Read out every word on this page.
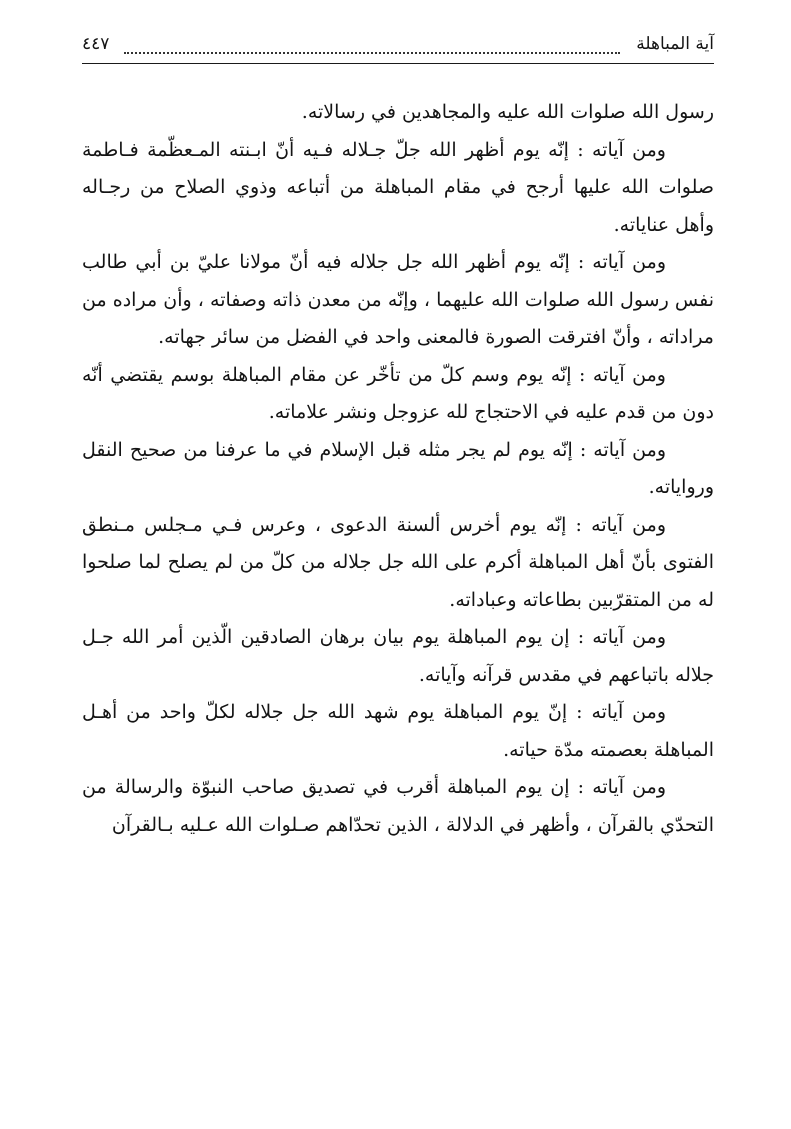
آية المباهلة
٤٤٧

رسول الله صلوات الله عليه والمجاهدين في رسالاته.

ومن آياته : إنّه يوم أظهر الله جلّ جـلاله فـيه أنّ ابـنته المـعظّمة فـاطمة صلوات الله عليها أرجح في مقام المباهلة من أتباعه وذوي الصلاح من رجـاله وأهل عناياته.

ومن آياته : إنّه يوم أظهر الله جل جلاله فيه أنّ مولانا عليّ بن أبي طالب نفس رسول الله صلوات الله عليهما ، وإنّه من معدن ذاته وصفاته ، وأن مراده من مراداته ، وأنّ افترقت الصورة فالمعنى واحد في الفضل من سائر جهاته.

ومن آياته : إنّه يوم وسم كلّ من تأخّر عن مقام المباهلة بوسم يقتضي أنّه دون من قدم عليه في الاحتجاج لله عزوجل ونشر علاماته.

ومن آياته : إنّه يوم لم يجر مثله قبل الإسلام في ما عرفنا من صحيح النقل ورواياته.

ومن آياته : إنّه يوم أخرس ألسنة الدعوى ، وعرس فـي مـجلس مـنطق الفتوى بأنّ أهل المباهلة أكرم على الله جل جلاله من كلّ من لم يصلح لما صلحوا له من المتقرّبين بطاعاته وعباداته.

ومن آياته : إن يوم المباهلة يوم بيان برهان الصادقين الّذين أمر الله جـل جلاله باتباعهم في مقدس قرآنه وآياته.

ومن آياته : إنّ يوم المباهلة يوم شهد الله جل جلاله لكلّ واحد من أهـل المباهلة بعصمته مدّة حياته.

ومن آياته : إن يوم المباهلة أقرب في تصديق صاحب النبوّة والرسالة من التحدّي بالقرآن ، وأظهر في الدلالة ، الذين تحدّاهم صـلوات الله عـليه بـالقرآن
